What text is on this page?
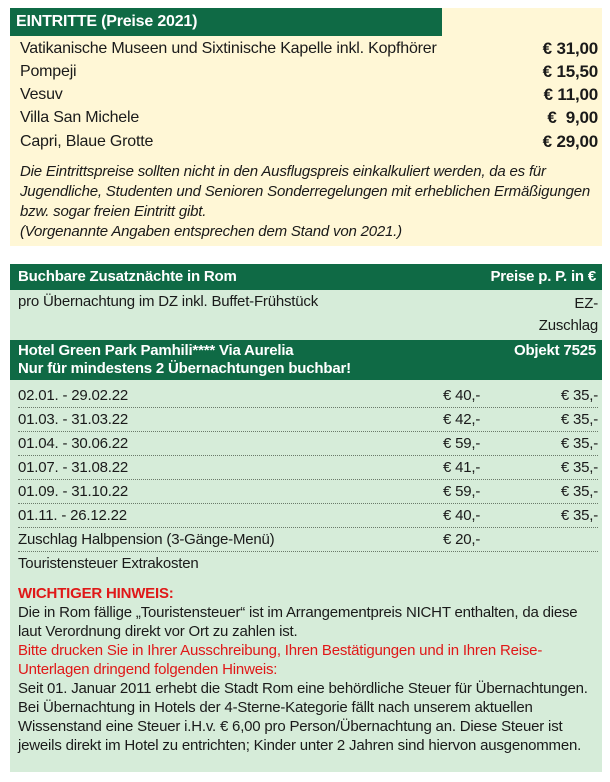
EINTRITTE (Preise 2021)
Vatikanische Museen und Sixtinische Kapelle inkl. Kopfhörer	€ 31,00
Pompeji	€ 15,50
Vesuv	€ 11,00
Villa San Michele	€  9,00
Capri, Blaue Grotte	€ 29,00
Die Eintrittspreise sollten nicht in den Ausflugspreis einkalkuliert werden, da es für Jugendliche, Studenten und Senioren Sonderregelungen mit erheblichen Ermäßigungen bzw. sogar freien Eintritt gibt.
(Vorgenannte Angaben entsprechen dem Stand von 2021.)
Buchbare Zusatznächte in Rom	Preise p. P. in €
pro Übernachtung im DZ inkl. Buffet-Frühstück	EZ-
Zuschlag
Hotel Green Park Pamhili**** Via Aurelia
Nur für mindestens 2 Übernachtungen buchbar!
Objekt 7525
02.01. - 29.02.22	€ 40,-	€ 35,-
01.03. - 31.03.22	€ 42,-	€ 35,-
01.04. - 30.06.22	€ 59,-	€ 35,-
01.07. - 31.08.22	€ 41,-	€ 35,-
01.09. - 31.10.22	€ 59,-	€ 35,-
01.11. - 26.12.22	€ 40,-	€ 35,-
Zuschlag Halbpension (3-Gänge-Menü)	€ 20,-
Touristensteuer Extrakosten
WICHTIGER HINWEIS:
Die in Rom fällige „Touristensteuer“ ist im Arrangementpreis NICHT enthalten, da diese laut Verordnung direkt vor Ort zu zahlen ist.
Bitte drucken Sie in Ihrer Ausschreibung, Ihren Bestätigungen und in Ihren Reise-Unterlagen dringend folgenden Hinweis:
Seit 01. Januar 2011 erhebt die Stadt Rom eine behördliche Steuer für Übernachtungen. Bei Übernachtung in Hotels der 4-Sterne-Kategorie fällt nach unserem aktuellen Wissenstand eine Steuer i.H.v. € 6,00 pro Person/Übernachtung an. Diese Steuer ist jeweils direkt im Hotel zu entrichten; Kinder unter 2 Jahren sind hiervon ausgenommen.
